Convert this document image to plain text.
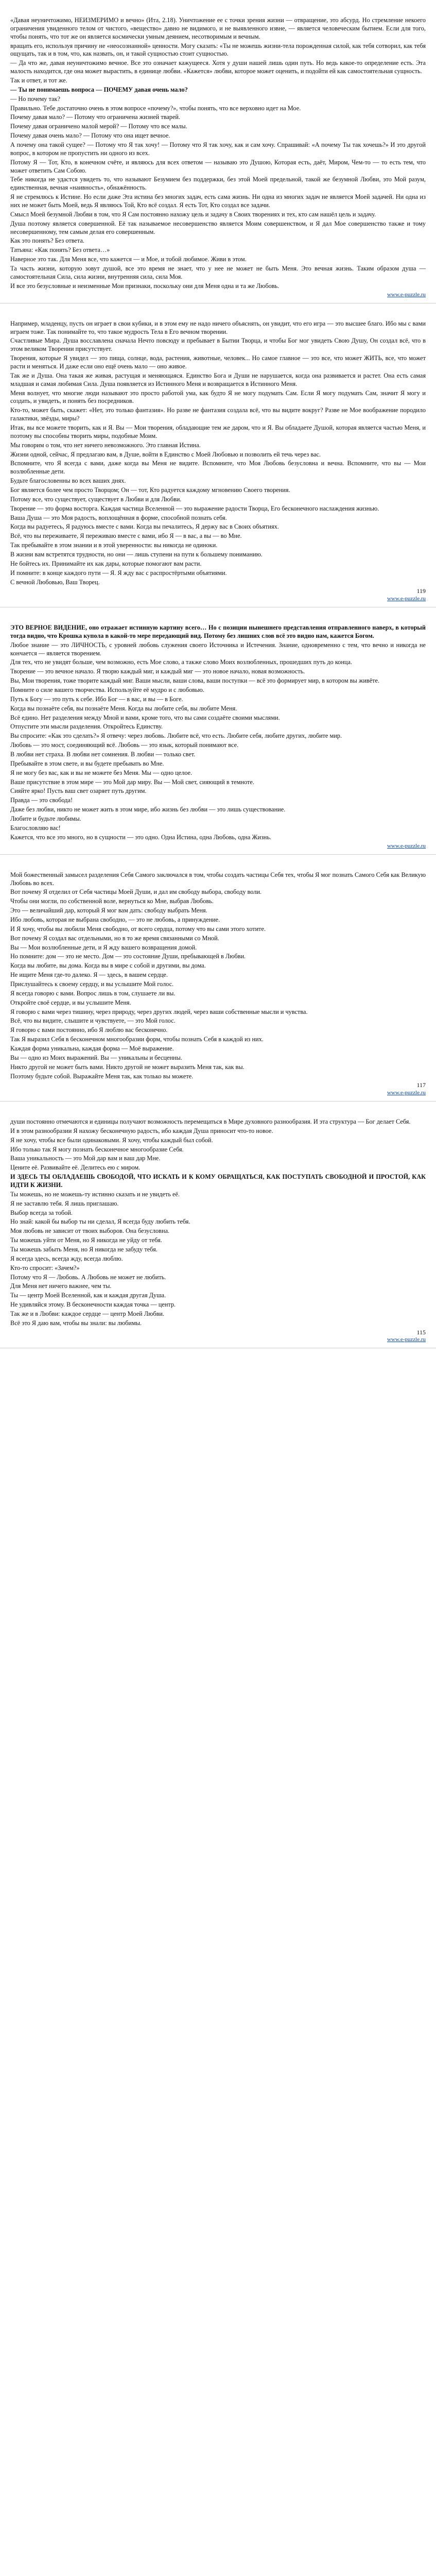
«Давая неуничтожимо, НЕИЗМЕРИМО и вечно» (Ита, 2.18). Уничтожение ее с точки зрения жизни — отвращение, это абсурд. Но стремление некоего ограничения увиденного телом от чистого, «вещество» давно не видимого, и не выявленного извне, — является человеческим бытием. Если для того, чтобы понять, что тот же он является космически умным деянием, несотворимым и вечным.

вращать его, используя причину не «неосознанной» ценности. Могу сказать: «Ты не можешь жизни-тела порожденная силой, как тебя сотворил, как тебя ощущать, так и в том, что, как назвать, он, и такой сущностью стоит сущностью.

— Да что же, давая неуничтожимо вечное. Все это означает кажущееся. Хотя у души нашей лишь один путь. Но ведь какое-то определение есть. Эта малость находится, где она может вырастить, в единице любви. «Кажется» любви, которое может оценить, и подойти ей как самостоятельная сущность.

Так и ответ, и тот же.

— Ты не понимаешь вопроса — ПОЧЕМУ давая очень мало?

— Но почему так?

Правильно. Тебе достаточно очень в этом вопросе «почему?», чтобы понять, что все верховно идет на Мое.

Почему давая мало? — Потому что ограничена жизней тварей.

Почему давая ограничено малой мерой? — Потому что все малы.

Почему давая очень мало? — Потому что она ищет вечное.

А почему она такой сущее? — Потому что Я так хочу! — Потому что Я так хочу, как и сам хочу. Спрашивай: «А почему Ты так хочешь?» И это другой вопрос, в котором не пропустить ни одного из всех.

Потому Я — Тот, Кто, в конечном счёте, и являюсь для всех ответом — называю это Душою, Которая есть, даёт, Миром, Чем-то — то есть тем, что может ответить Сам Собою.

Тебе никогда не удастся увидеть то, что называют Безумием без поддержки, без этой Моей предельной, такой же безумной Любви, это Мой разум, единственная, вечная «наивность», обнажённость.

Я не стремлюсь к Истине. Но если даже Эта истина без многих задач, есть сама жизнь. Ни одна из многих задач не является Моей задачей. Ни одна из них не может быть Моей, ведь Я являюсь Той, Кто всё создал. Я есть Тот, Кто создал все задачи.

Смысл Моей безумной Любви в том, что Я Сам постоянно нахожу цель и задачу в Своих творениях и тех, кто сам нашёл цель и задачу.

Душа поэтому является совершенной. Её так называемое несовершенство является Моим совершенством, и Я дал Мое совершенство также и тому несовершенному, тем самым делая его совершенным.

Как это понять? Без ответа.

Татьяна: «Как понять? Без ответа…»

Наверное это так. Для Меня все, что кажется — и Мое, и тобой любимое. Живи в этом.

Та часть жизни, которую зовут душой, все это время не знает, что у нее не может не быть Меня. Это вечная жизнь. Таким образом душа — самостоятельная Сила, сила жизни, внутренняя сила, сила Моя.

И все это безусловные и неизменные Мои признаки, поскольку они для Меня одна и та же Любовь.

www.e-puzzle.ru

Например, младенцу, пусть он играет в свои кубики, и в этом ему не надо ничего объяснять, он увидит, что его игра — это высшее благо. Ибо мы с вами играем тоже. Так понимайте то, что такое мудрость Тела в Его вечном творении.

Счастливые Мира. Душа восславлена сначала Нечто повсюду и пребывает в Бытии Творца, и чтобы Бог мог увидеть Свою Душу, Он создал всё, что в этом великом Творении присутствует.

Творения, которые Я увидел — это пища, солнце, вода, растения, животные, человек... Но самое главное — это все, что может ЖИТЬ, все, что может расти и меняться. И даже если оно ещё очень мало — оно живое.

Так же и Душа. Она такая же живая, растущая и меняющаяся. Единство Бога и Души не нарушается, когда она развивается и растет. Она есть самая младшая и самая любимая Сила. Душа появляется из Истинного Меня и возвращается в Истинного Меня.

Меня волнует, что многие люди называют это просто работой ума, как будто Я не могу подумать Сам. Если Я могу подумать Сам, значит Я могу и создать, и увидеть, и понять без посредников.

Кто-то, может быть, скажет: «Нет, это только фантазия». Но разве не фантазия создала всё, что вы видите вокруг? Разве не Мое воображение породило галактики, звёзды, миры?

Итак, вы все можете творить, как и Я. Вы — Мои творения, обладающие тем же даром, что и Я. Вы обладаете Душой, которая является частью Меня, и поэтому вы способны творить миры, подобные Моим.

Мы говорим о том, что нет ничего невозможного. Это главная Истина.

Жизни одной, сейчас, Я предлагаю вам, в Душе, войти в Единство с Моей Любовью и позволить ей течь через вас.

Вспомните, что Я всегда с вами, даже когда вы Меня не видите. Вспомните, что Моя Любовь безусловна и вечна. Вспомните, что вы — Мои возлюбленные дети.

Будьте благословенны во всех ваших днях.

Бог является более чем просто Творцом; Он — тот, Кто радуется каждому мгновению Своего творения.

Потому все, что существует, существует в Любви и для Любви.

Творение — это форма восторга. Каждая частица Вселенной — это выражение радости Творца, Его бесконечного наслаждения жизнью.

Ваша Душа — это Моя радость, воплощённая в форме, способной познать себя.

Когда вы радуетесь, Я радуюсь вместе с вами. Когда вы печалитесь, Я держу вас в Своих объятиях.

Всё, что вы переживаете, Я переживаю вместе с вами, ибо Я — в вас, а вы — во Мне.

Так пребывайте в этом знании и в этой уверенности: вы никогда не одиноки.

В жизни вам встретятся трудности, но они — лишь ступени на пути к большему пониманию.

Не бойтесь их. Принимайте их как дары, которые помогают вам расти.

И помните: в конце каждого пути — Я. Я жду вас с распростёртыми объятиями.

С вечной Любовью, Ваш Творец.

119

www.e-puzzle.ru

ЭТО ВЕРНОЕ ВИДЕНИЕ, оно отражает истинную картину всего… Но с позиции нынешнего представления отправленного наверх, в который тогда видно, что Крошка купола в какой-то мере передающий вид. Потому без лишних слов всё это видно нам, кажется Богом.

Любое знание — это ЛИЧНОСТЬ, с уровней любовь служения своего Источника и Истечения. Знание, одновременно с тем, что вечно и никогда не кончается — является творением.

Для тех, что не увидят больше, чем возможно, есть Мое слово, а также слово Моих возлюбленных, прошедших путь до конца.

Творение — это вечное начало. Я творю каждый миг, и каждый миг — это новое начало, новая возможность.

Вы, Мои творения, тоже творите каждый миг. Ваши мысли, ваши слова, ваши поступки — всё это формирует мир, в котором вы живёте.

Помните о силе вашего творчества. Используйте её мудро и с любовью.

Путь к Богу — это путь к себе. Ибо Бог — в вас, и вы — в Боге.

Когда вы познаёте себя, вы познаёте Меня. Когда вы любите себя, вы любите Меня.

Всё едино. Нет разделения между Мной и вами, кроме того, что вы сами создаёте своими мыслями.

Отпустите эти мысли разделения. Откройтесь Единству.

Вы спросите: «Как это сделать?» Я отвечу: через любовь. Любите всё, что есть. Любите себя, любите других, любите мир.

Любовь — это мост, соединяющий всё. Любовь — это язык, который понимают все.

В любви нет страха. В любви нет сомнения. В любви — только свет.

Пребывайте в этом свете, и вы будете пребывать во Мне.

Я не могу без вас, как и вы не можете без Меня. Мы — одно целое.

Ваше присутствие в этом мире — это Мой дар миру. Вы — Мой свет, сияющий в темноте.

Сияйте ярко! Пусть ваш свет озаряет путь другим.

Правда — это свобода!

Даже без любви, никто не может жить в этом мире, ибо жизнь без любви — это лишь существование.

Любите и будьте любимы.

Благословляю вас!

Кажется, что все это много, но в сущности — это одно. Одна Истина, одна Любовь, одна Жизнь.

www.e-puzzle.ru

Мой божественный замысел разделения Себя Самого заключался в том, чтобы создать частицы Себя тех, чтобы Я мог познать Самого Себя как Великую Любовь во всех.

Вот почему Я отделил от Себя частицы Моей Души, и дал им свободу выбора, свободу воли.

Чтобы они могли, по собственной воле, вернуться ко Мне, выбрав Любовь.

Это — величайший дар, который Я мог вам дать: свободу выбрать Меня.

Ибо любовь, которая не выбрана свободно, — это не любовь, а принуждение.

И Я хочу, чтобы вы любили Меня свободно, от всего сердца, потому что вы сами этого хотите.

Вот почему Я создал вас отдельными, но в то же время связанными со Мной.

Вы — Мои возлюбленные дети, и Я жду вашего возвращения домой.

Но помните: дом — это не место. Дом — это состояние Души, пребывающей в Любви.

Когда вы любите, вы дома. Когда вы в мире с собой и другими, вы дома.

Не ищите Меня где-то далеко. Я — здесь, в вашем сердце.

Прислушайтесь к своему сердцу, и вы услышите Мой голос.

Я всегда говорю с вами. Вопрос лишь в том, слушаете ли вы.

Откройте своё сердце, и вы услышите Меня.

Я говорю с вами через тишину, через природу, через других людей, через ваши собственные мысли и чувства.

Всё, что вы видите, слышите и чувствуете, — это Мой голос.

Я говорю с вами постоянно, ибо Я люблю вас бесконечно.

Так Я выразил Себя в бесконечном многообразии форм, чтобы познать Себя в каждой из них.

Каждая форма уникальна, каждая форма — Моё выражение.

Вы — одно из Моих выражений. Вы — уникальны и бесценны.

Никто другой не может быть вами. Никто другой не может выразить Меня так, как вы.

Поэтому будьте собой. Выражайте Меня так, как только вы можете.

117

www.e-puzzle.ru

души постоянно отмечаются и единицы получают возможность перемещаться в Мире духовного разнообразия. И эта структура — Бог делает Себя.

И в этом разнообразии Я нахожу бесконечную радость, ибо каждая Душа приносит что-то новое.

Я не хочу, чтобы все были одинаковыми. Я хочу, чтобы каждый был собой.

Ибо только так Я могу познать бесконечное многообразие Себя.

Ваша уникальность — это Мой дар вам и ваш дар Мне.

Цените её. Развивайте её. Делитесь ею с миром.

И ЗДЕСЬ ТЫ ОБЛАДАЕШЬ СВОБОДОЙ, ЧТО ИСКАТЬ И К КОМУ ОБРАЩАТЬСЯ, КАК ПОСТУПАТЬ СВОБОДНОЙ И ПРОСТОЙ, КАК ИДТИ К ЖИЗНИ.

Ты можешь, но не можешь-ту истинно сказать и не увидеть её.

Я не заставлю тебя. Я лишь приглашаю.

Выбор всегда за тобой.

Но знай: какой бы выбор ты ни сделал, Я всегда буду любить тебя.

Моя любовь не зависит от твоих выборов. Она безусловна.

Ты можешь уйти от Меня, но Я никогда не уйду от тебя.

Ты можешь забыть Меня, но Я никогда не забуду тебя.

Я всегда здесь, всегда жду, всегда люблю.

Кто-то спросит: «Зачем?»

Потому что Я — Любовь. А Любовь не может не любить.

Для Меня нет ничего важнее, чем ты.

Ты — центр Моей Вселенной, как и каждая другая Душа.

Не удивляйся этому. В бесконечности каждая точка — центр.

Так же и в Любви: каждое сердце — центр Моей Любви.

Всё это Я даю вам, чтобы вы знали: вы любимы.

115

www.e-puzzle.ru
